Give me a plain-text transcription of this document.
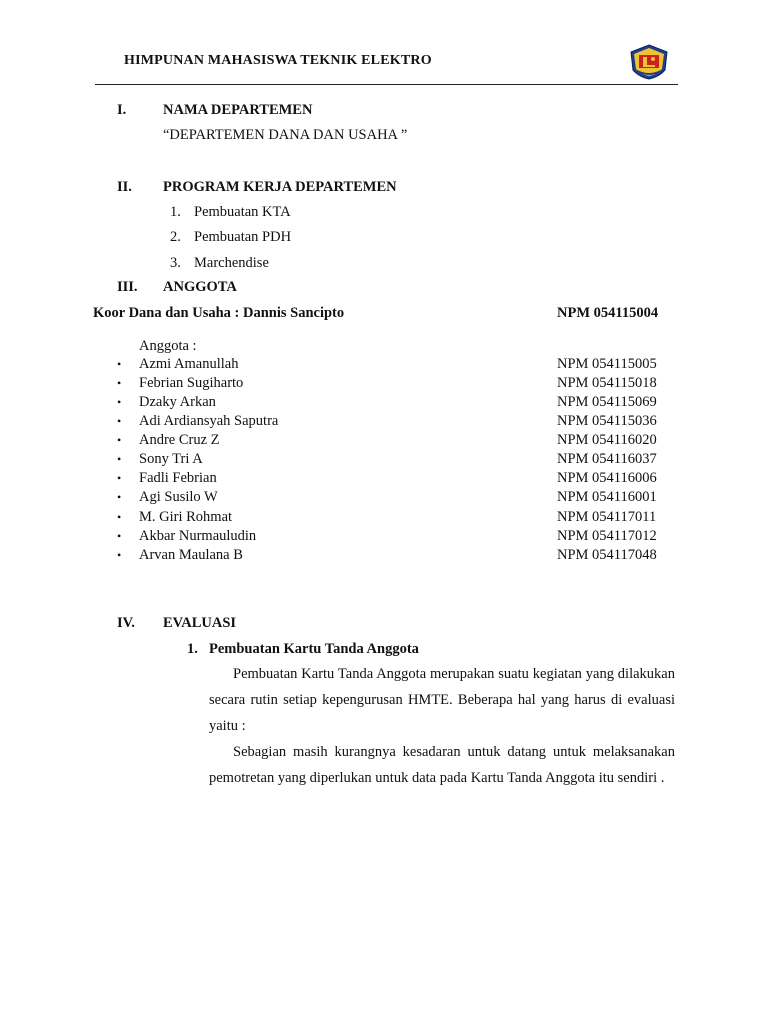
HIMPUNAN MAHASISWA TEKNIK ELEKTRO
I.	NAMA DEPARTEMEN
“DEPARTEMEN DANA DAN USAHA ”
II. PROGRAM KERJA DEPARTEMEN
1. Pembuatan KTA
2. Pembuatan PDH
3. Marchendise
III. ANGGOTA
Koor Dana dan Usaha : Dannis Sancipto	NPM 054115004
Anggota :
• Azmi Amanullah	NPM 054115005
• Febrian Sugiharto	NPM 054115018
• Dzaky Arkan	NPM 054115069
• Adi Ardiansyah Saputra	NPM 054115036
• Andre Cruz Z	NPM 054116020
• Sony Tri A	NPM 054116037
• Fadli Febrian	NPM 054116006
• Agi Susilo W	NPM 054116001
• M. Giri Rohmat	NPM 054117011
• Akbar Nurmauludin	NPM 054117012
• Arvan Maulana B	NPM 054117048
IV. EVALUASI
1. Pembuatan Kartu Tanda Anggota

Pembuatan Kartu Tanda Anggota merupakan suatu kegiatan yang dilakukan secara rutin setiap kepengurusan HMTE. Beberapa hal yang harus di evaluasi yaitu :

Sebagian masih kurangnya kesadaran untuk datang untuk melaksanakan pemotretan yang diperlukan untuk data pada Kartu Tanda Anggota itu sendiri .
